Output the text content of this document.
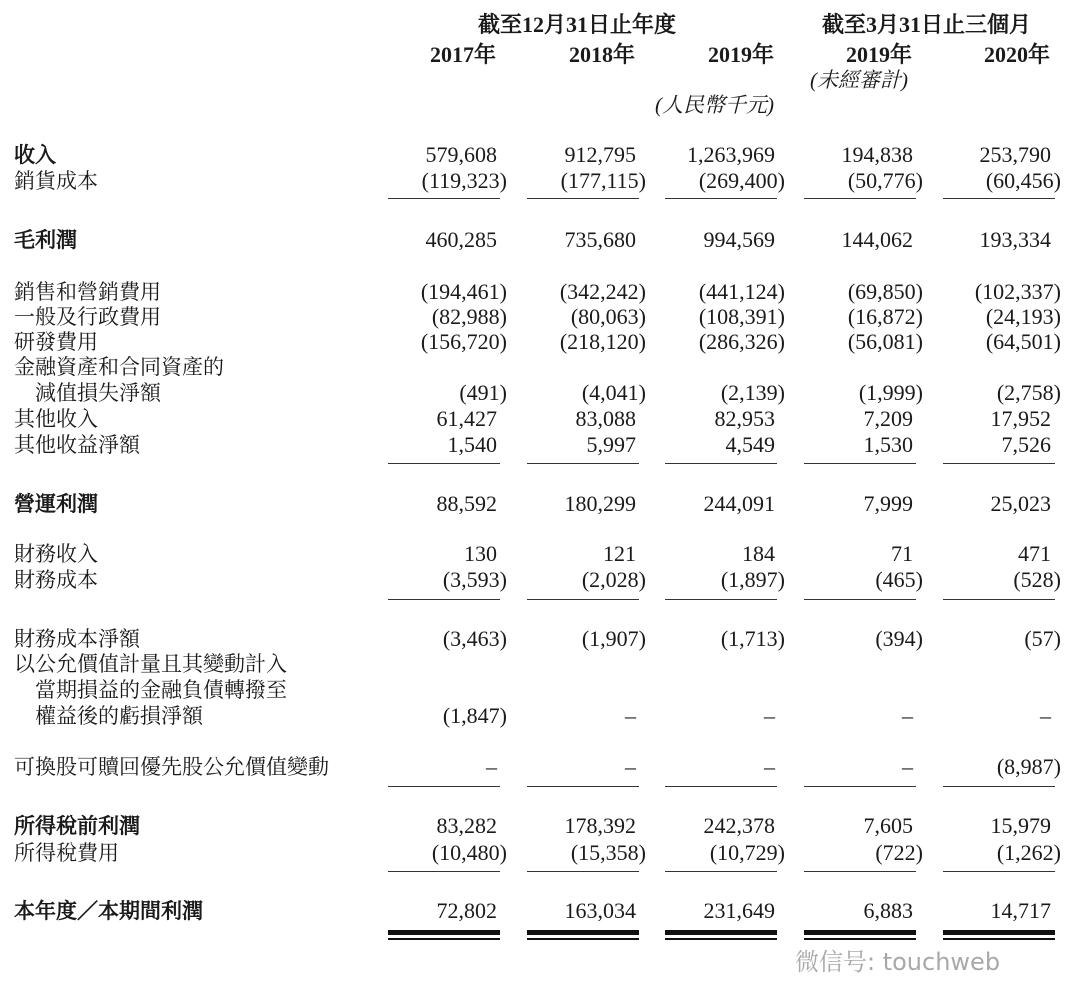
截至12月31日止年度	截至3月31日止三個月
2017年	2018年	2019年	2019年	2020年
(未經審計)
(人民幣千元)
收入	579,608	912,795	1,263,969	194,838	253,790
銷貨成本	(119,323)	(177,115)	(269,400)	(50,776)	(60,456)
毛利潤	460,285	735,680	994,569	144,062	193,334
銷售和營銷費用	(194,461)	(342,242)	(441,124)	(69,850)	(102,337)
一般及行政費用	(82,988)	(80,063)	(108,391)	(16,872)	(24,193)
研發費用	(156,720)	(218,120)	(286,326)	(56,081)	(64,501)
金融資產和合同資產的
　減值損失淨額	(491)	(4,041)	(2,139)	(1,999)	(2,758)
其他收入	61,427	83,088	82,953	7,209	17,952
其他收益淨額	1,540	5,997	4,549	1,530	7,526
營運利潤	88,592	180,299	244,091	7,999	25,023
財務收入	130	121	184	71	471
財務成本	(3,593)	(2,028)	(1,897)	(465)	(528)
財務成本淨額	(3,463)	(1,907)	(1,713)	(394)	(57)
以公允價值計量且其變動計入
　當期損益的金融負債轉撥至
　權益後的虧損淨額	(1,847)	–	–	–	–
可換股可贖回優先股公允價值變動	–	–	–	–	(8,987)
所得稅前利潤	83,282	178,392	242,378	7,605	15,979
所得稅費用	(10,480)	(15,358)	(10,729)	(722)	(1,262)
本年度／本期間利潤	72,802	163,034	231,649	6,883	14,717
微信号: touchweb
